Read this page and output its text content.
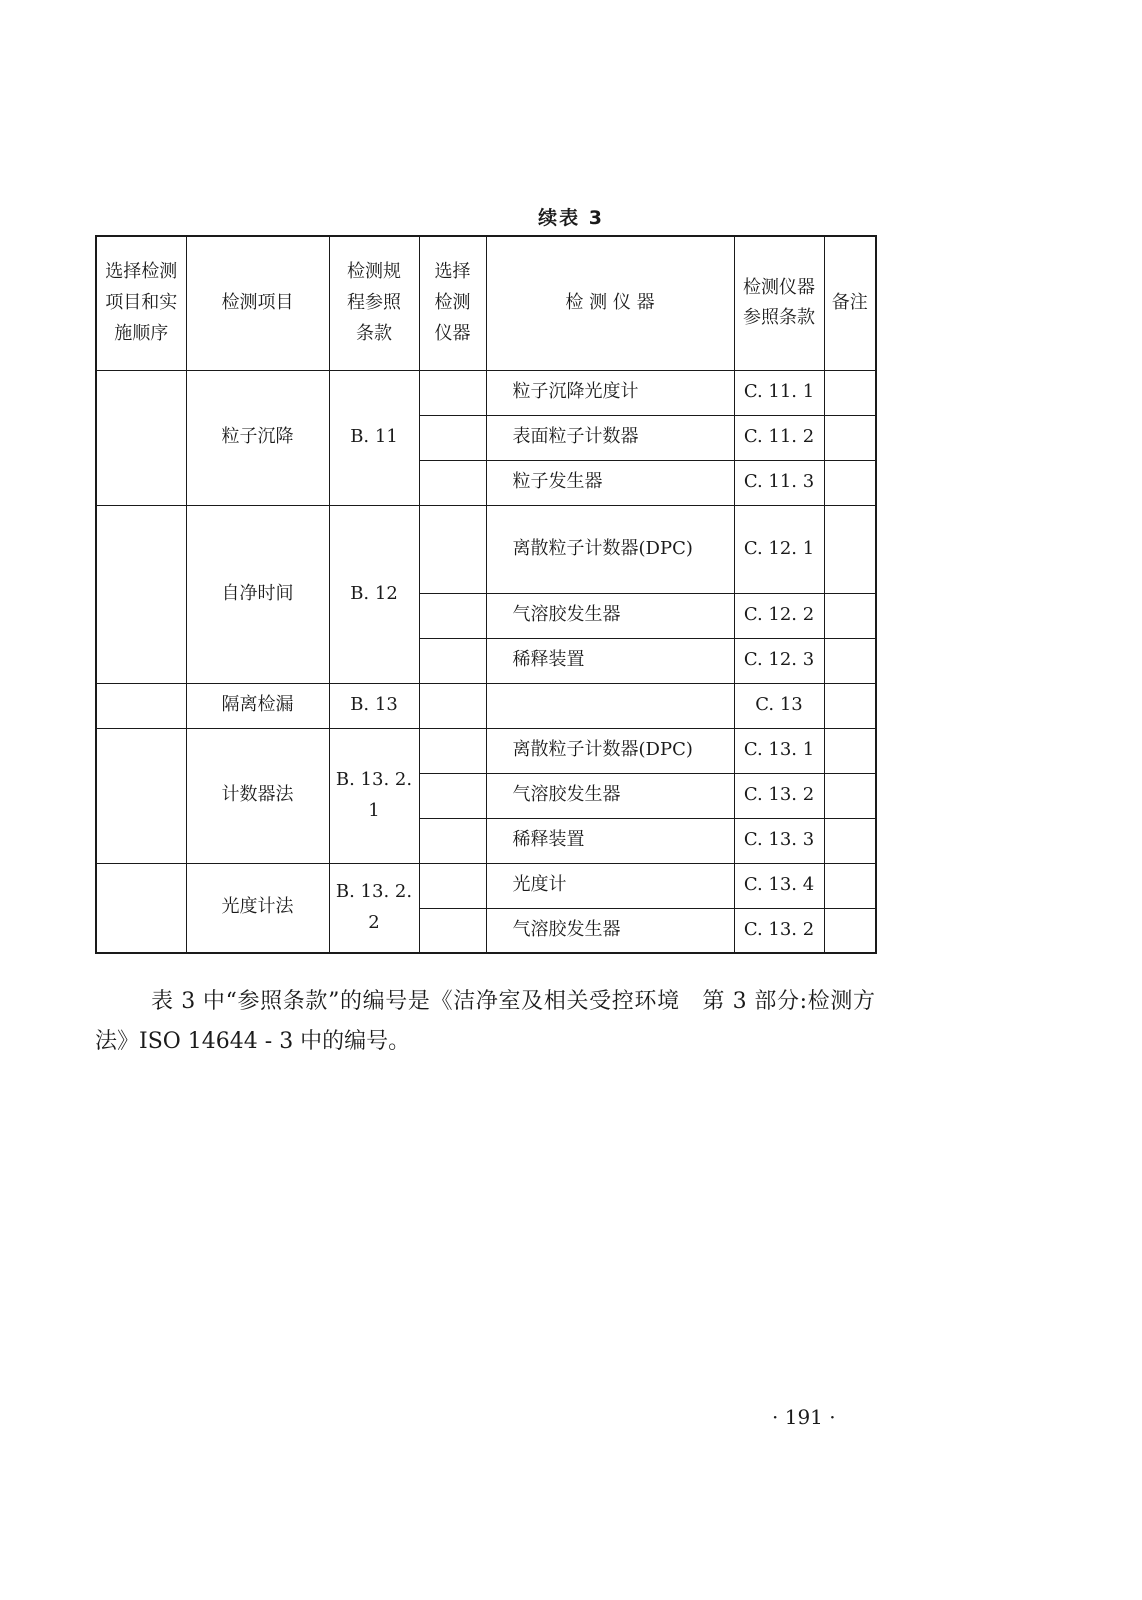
续表 3
选择检测项目和实施顺序	检测项目	检测规程参照条款	选择检测仪器	检 测 仪 器	检测仪器参照条款	备注
	粒子沉降	B. 11		粒子沉降光度计	C. 11. 1	
				表面粒子计数器	C. 11. 2	
				粒子发生器	C. 11. 3	
	自净时间	B. 12		离散粒子计数器(DPC)	C. 12. 1	
				气溶胶发生器	C. 12. 2	
				稀释装置	C. 12. 3	
	隔离检漏	B. 13			C. 13	
	计数器法	B. 13. 2. 1		离散粒子计数器(DPC)	C. 13. 1	
				气溶胶发生器	C. 13. 2	
				稀释装置	C. 13. 3	
	光度计法	B. 13. 2. 2		光度计	C. 13. 4	
				气溶胶发生器	C. 13. 2	

表 3 中“参照条款”的编号是《洁净室及相关受控环境　第 3 部分:检测方法》ISO 14644 - 3 中的编号。

· 191 ·
